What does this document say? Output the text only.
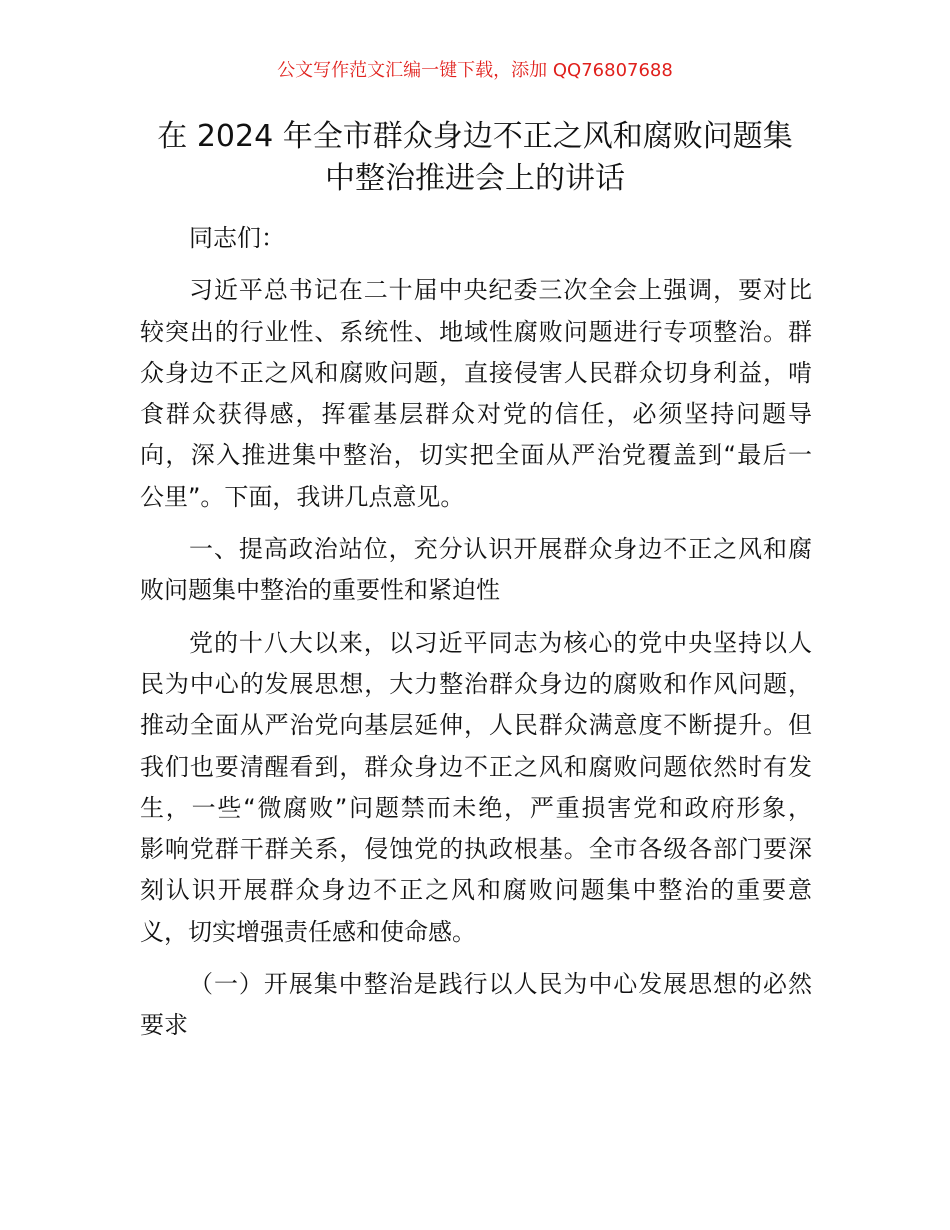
公文写作范文汇编一键下载，添加 QQ76807688
在 2024 年全市群众身边不正之风和腐败问题集
中整治推进会上的讲话
同志们：
习近平总书记在二十届中央纪委三次全会上强调，要对比
较突出的行业性、系统性、地域性腐败问题进行专项整治。群
众身边不正之风和腐败问题，直接侵害人民群众切身利益，啃
食群众获得感，挥霍基层群众对党的信任，必须坚持问题导
向，深入推进集中整治，切实把全面从严治党覆盖到“最后一
公里”。下面，我讲几点意见。
一、提高政治站位，充分认识开展群众身边不正之风和腐
败问题集中整治的重要性和紧迫性
党的十八大以来，以习近平同志为核心的党中央坚持以人
民为中心的发展思想，大力整治群众身边的腐败和作风问题，
推动全面从严治党向基层延伸，人民群众满意度不断提升。但
我们也要清醒看到，群众身边不正之风和腐败问题依然时有发
生，一些“微腐败”问题禁而未绝，严重损害党和政府形象，
影响党群干群关系，侵蚀党的执政根基。全市各级各部门要深
刻认识开展群众身边不正之风和腐败问题集中整治的重要意
义，切实增强责任感和使命感。
（一）开展集中整治是践行以人民为中心发展思想的必然
要求
